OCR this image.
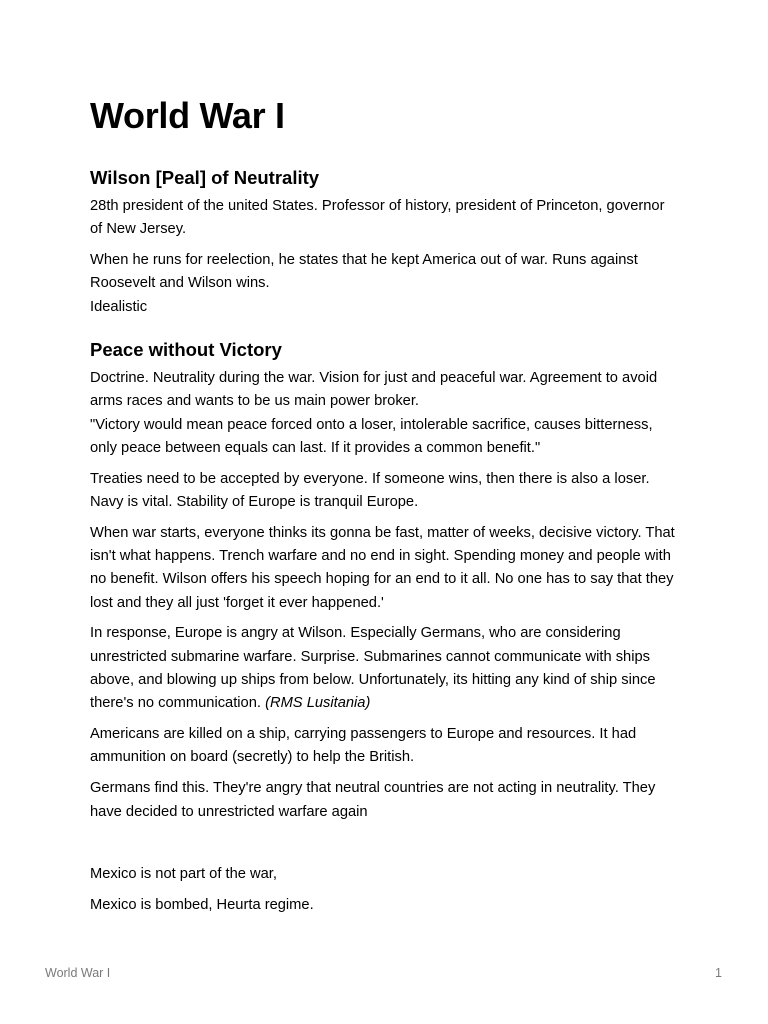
World War I
Wilson [Peal] of Neutrality

28th president of the united States. Professor of history, president of Princeton, governor of New Jersey.

When he runs for reelection, he states that he kept America out of war. Runs against Roosevelt and Wilson wins.

Idealistic

Peace without Victory

Doctrine. Neutrality during the war. Vision for just and peaceful war. Agreement to avoid arms races and wants to be us main power broker.

"Victory would mean peace forced onto a loser, intolerable sacrifice, causes bitterness, only peace between equals can last. If it provides a common benefit."

Treaties need to be accepted by everyone. If someone wins, then there is also a loser. Navy is vital. Stability of Europe is tranquil Europe.

When war starts, everyone thinks its gonna be fast, matter of weeks, decisive victory. That isn't what happens. Trench warfare and no end in sight. Spending money and people with no benefit. Wilson offers his speech hoping for an end to it all. No one has to say that they lost and they all just 'forget it ever happened.'

In response, Europe is angry at Wilson. Especially Germans, who are considering unrestricted submarine warfare. Surprise. Submarines cannot communicate with ships above, and blowing up ships from below. Unfortunately, its hitting any kind of ship since there's no communication. (RMS Lusitania)

Americans are killed on a ship, carrying passengers to Europe and resources. It had ammunition on board (secretly) to help the British.

Germans find this. They're angry that neutral countries are not acting in neutrality. They have decided to unrestricted warfare again

Mexico is not part of the war,

Mexico is bombed, Heurta regime.

World War I	1
